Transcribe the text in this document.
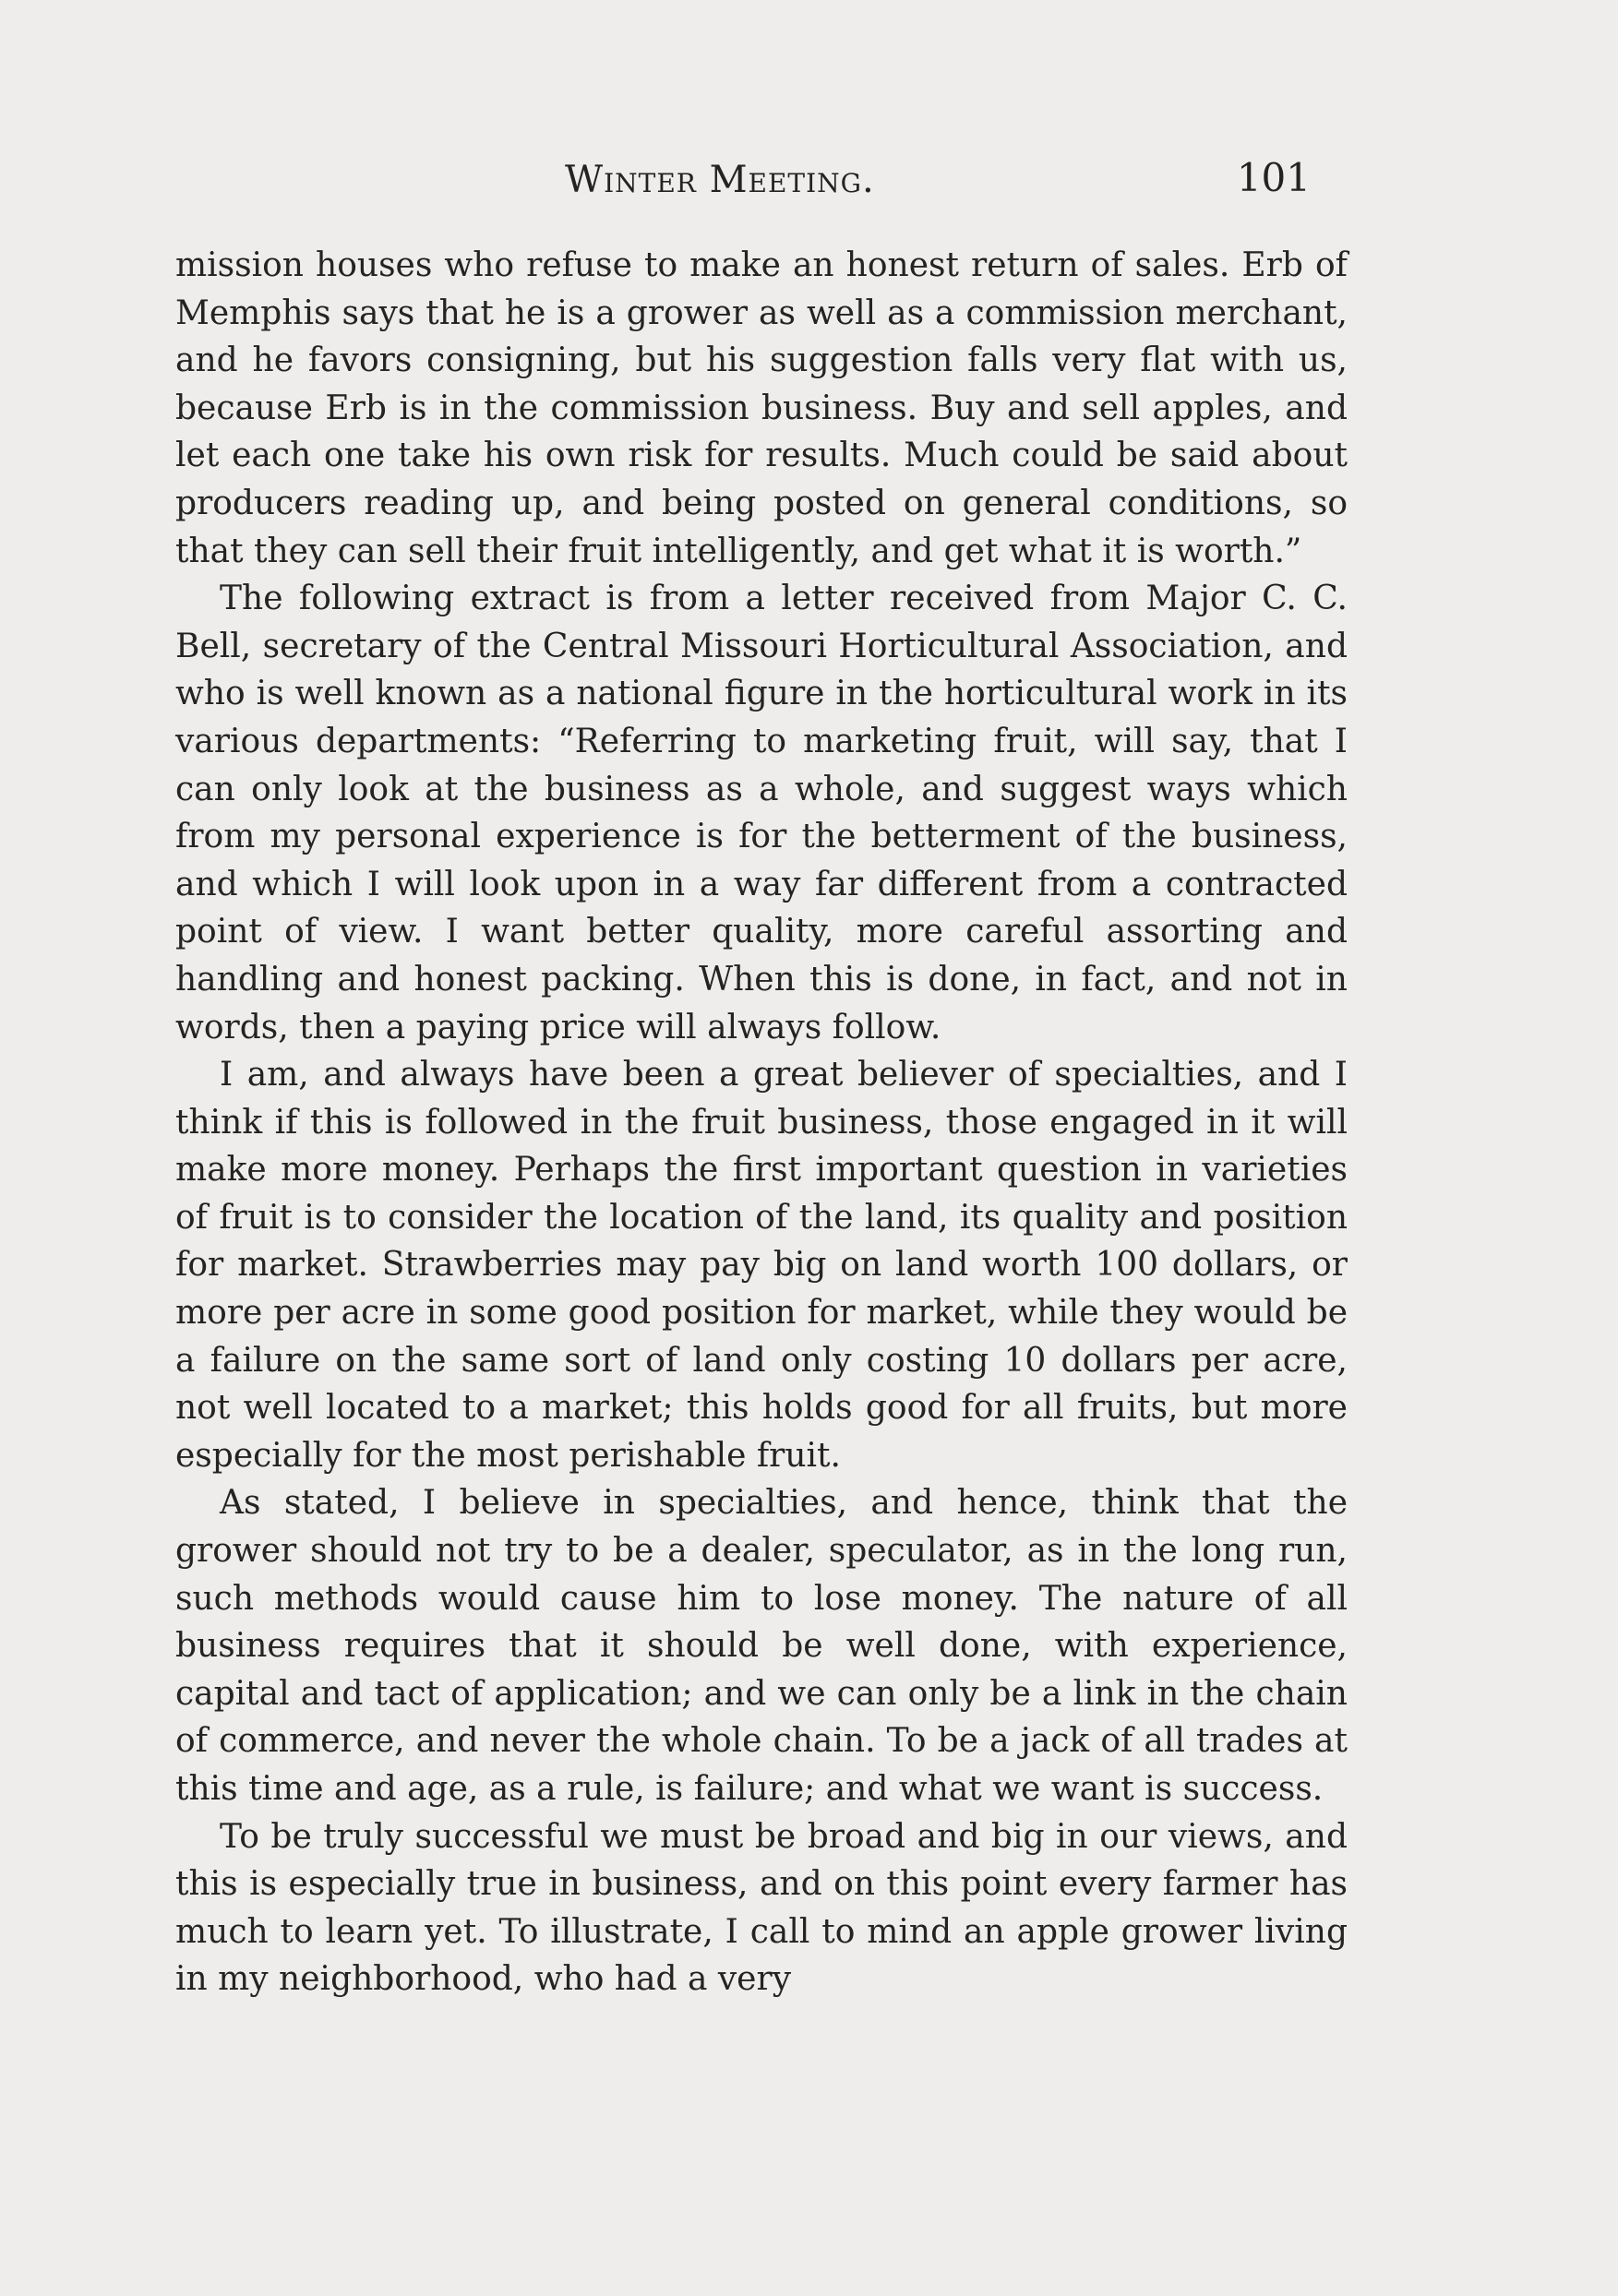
Winter Meeting.	101

mission houses who refuse to make an honest return of sales. Erb of Memphis says that he is a grower as well as a commission merchant, and he favors consigning, but his suggestion falls very flat with us, because Erb is in the commission business. Buy and sell apples, and let each one take his own risk for results. Much could be said about producers reading up, and being posted on general conditions, so that they can sell their fruit intelligently, and get what it is worth.”

The following extract is from a letter received from Major C. C. Bell, secretary of the Central Missouri Horticultural Association, and who is well known as a national figure in the horticultural work in its various departments: “Referring to marketing fruit, will say, that I can only look at the business as a whole, and suggest ways which from my personal experience is for the betterment of the business, and which I will look upon in a way far different from a contracted point of view. I want better quality, more careful assorting and handling and honest packing. When this is done, in fact, and not in words, then a paying price will always follow.

I am, and always have been a great believer of specialties, and I think if this is followed in the fruit business, those engaged in it will make more money. Perhaps the first important question in varieties of fruit is to consider the location of the land, its quality and position for market. Strawberries may pay big on land worth 100 dollars, or more per acre in some good position for market, while they would be a failure on the same sort of land only costing 10 dollars per acre, not well located to a market; this holds good for all fruits, but more especially for the most perishable fruit.

As stated, I believe in specialties, and hence, think that the grower should not try to be a dealer, speculator, as in the long run, such methods would cause him to lose money. The nature of all business requires that it should be well done, with experience, capital and tact of application; and we can only be a link in the chain of commerce, and never the whole chain. To be a jack of all trades at this time and age, as a rule, is failure; and what we want is success.

To be truly successful we must be broad and big in our views, and this is especially true in business, and on this point every farmer has much to learn yet. To illustrate, I call to mind an apple grower living in my neighborhood, who had a very
